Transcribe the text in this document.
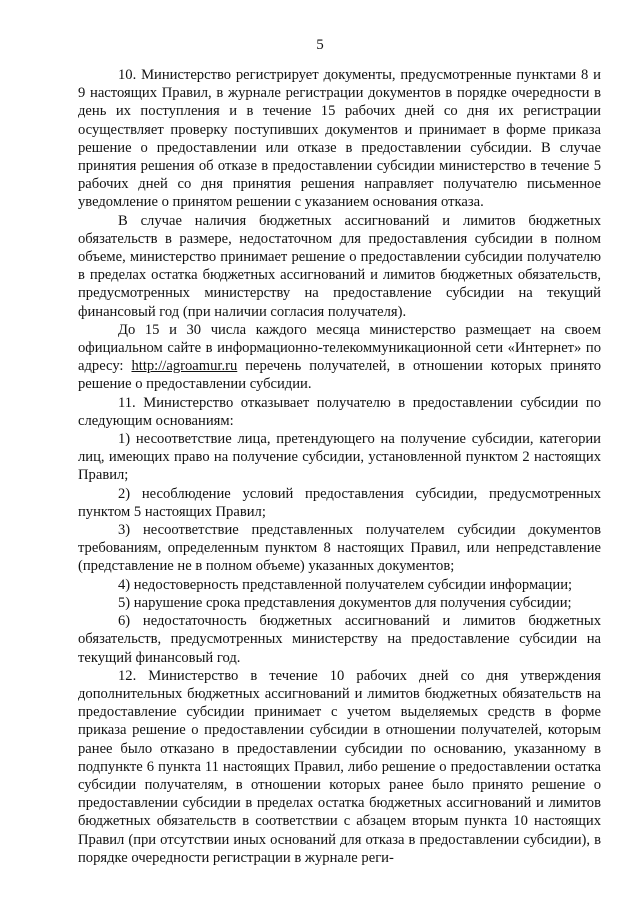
5

10. Министерство регистрирует документы, предусмотренные пунктами 8 и 9 настоящих Правил, в журнале регистрации документов в порядке очередности в день их поступления и в течение 15 рабочих дней со дня их регистрации осуществляет проверку поступивших документов и принимает в форме приказа решение о предоставлении или отказе в предоставлении субсидии. В случае принятия решения об отказе в предоставлении субсидии министерство в течение 5 рабочих дней со дня принятия решения направляет получателю письменное уведомление о принятом решении с указанием основания отказа.

В случае наличия бюджетных ассигнований и лимитов бюджетных обязательств в размере, недостаточном для предоставления субсидии в полном объеме, министерство принимает решение о предоставлении субсидии получателю в пределах остатка бюджетных ассигнований и лимитов бюджетных обязательств, предусмотренных министерству на предоставление субсидии на текущий финансовый год (при наличии согласия получателя).

До 15 и 30 числа каждого месяца министерство размещает на своем официальном сайте в информационно-телекоммуникационной сети «Интернет» по адресу: http://agroamur.ru перечень получателей, в отношении которых принято решение о предоставлении субсидии.

11. Министерство отказывает получателю в предоставлении субсидии по следующим основаниям:

1) несоответствие лица, претендующего на получение субсидии, категории лиц, имеющих право на получение субсидии, установленной пунктом 2 настоящих Правил;

2) несоблюдение условий предоставления субсидии, предусмотренных пунктом 5 настоящих Правил;

3) несоответствие представленных получателем субсидии документов требованиям, определенным пунктом 8 настоящих Правил, или непредставление (представление не в полном объеме) указанных документов;

4) недостоверность представленной получателем субсидии информации;

5) нарушение срока представления документов для получения субсидии;

6) недостаточность бюджетных ассигнований и лимитов бюджетных обязательств, предусмотренных министерству на предоставление субсидии на текущий финансовый год.

12. Министерство в течение 10 рабочих дней со дня утверждения дополнительных бюджетных ассигнований и лимитов бюджетных обязательств на предоставление субсидии принимает с учетом выделяемых средств в форме приказа решение о предоставлении субсидии в отношении получателей, которым ранее было отказано в предоставлении субсидии по основанию, указанному в подпункте 6 пункта 11 настоящих Правил, либо решение о предоставлении остатка субсидии получателям, в отношении которых ранее было принято решение о предоставлении субсидии в пределах остатка бюджетных ассигнований и лимитов бюджетных обязательств в соответствии с абзацем вторым пункта 10 настоящих Правил (при отсутствии иных оснований для отказа в предоставлении субсидии), в порядке очередности регистрации в журнале реги-
